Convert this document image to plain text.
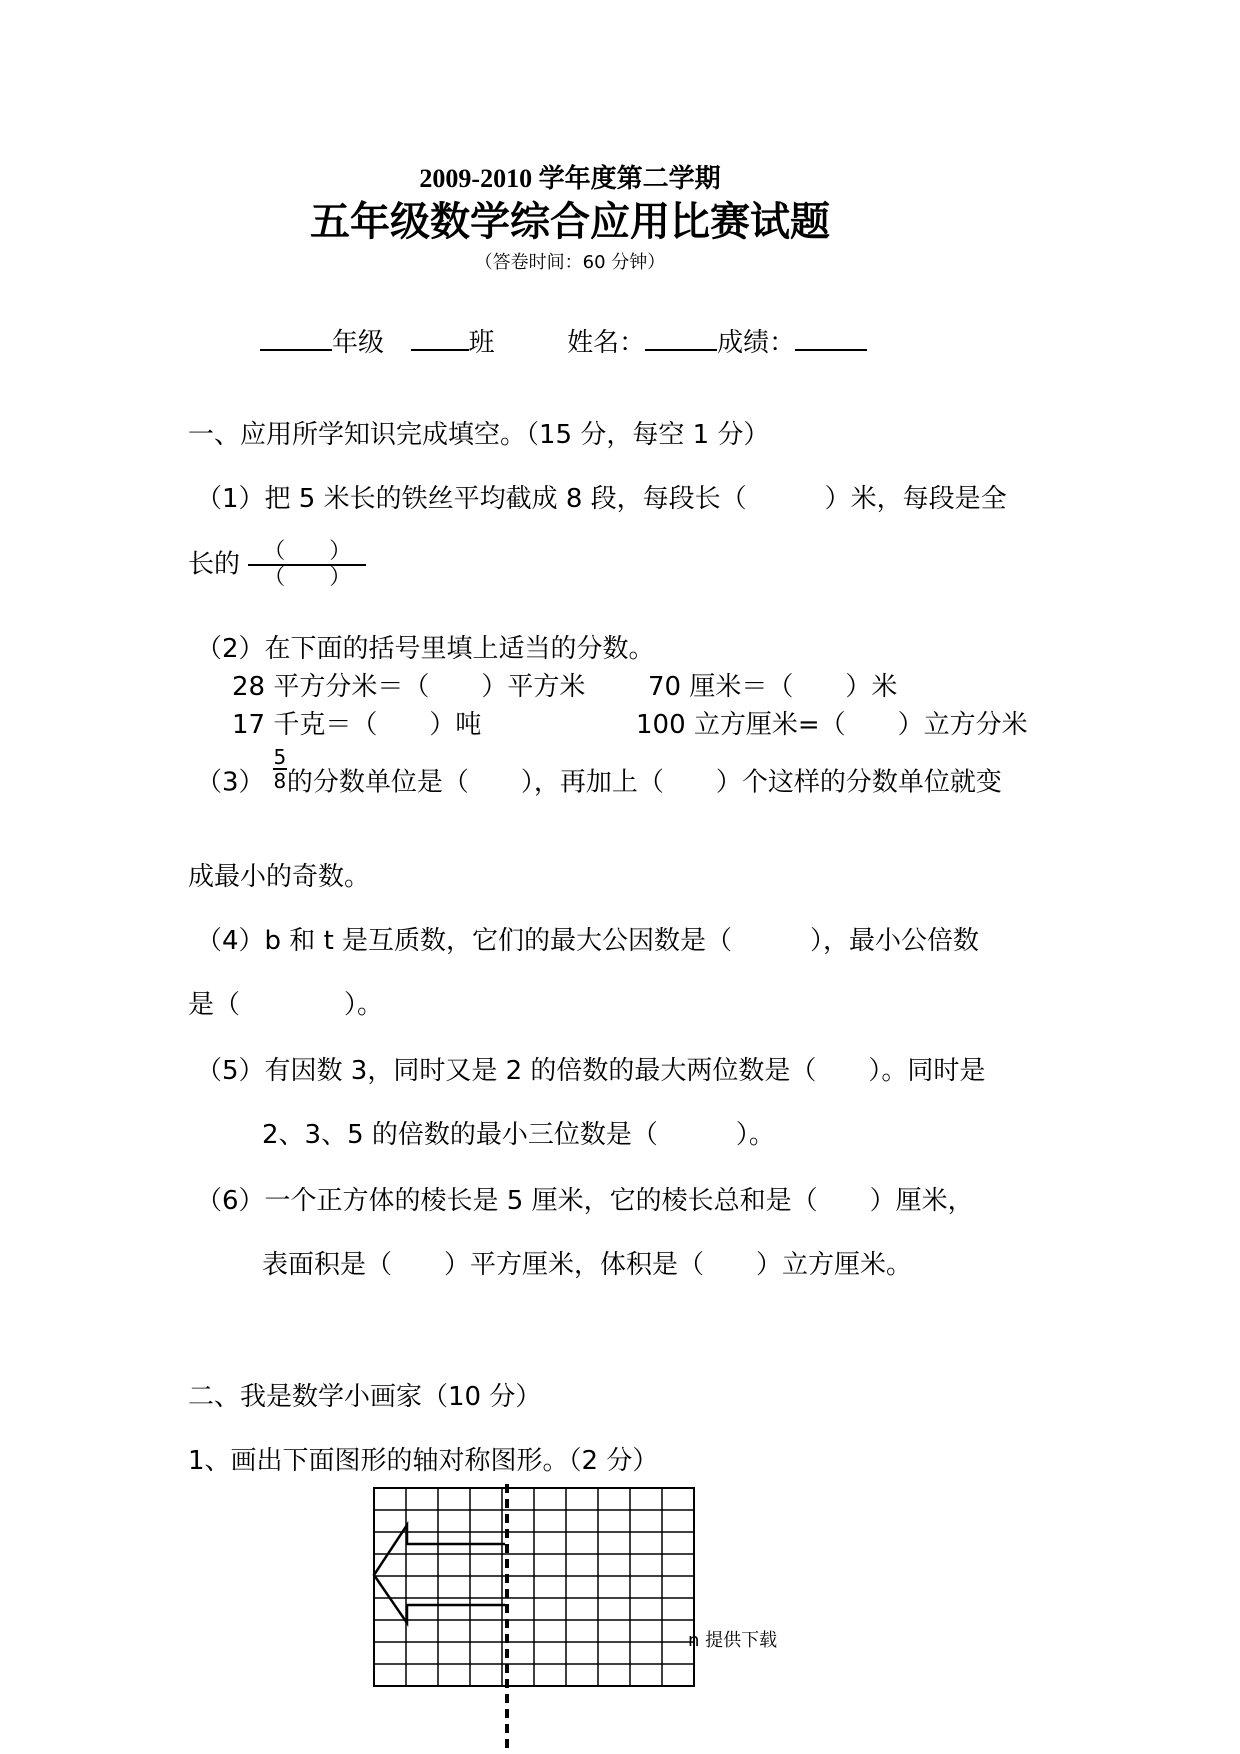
2009-2010 学年度第二学期
五年级数学综合应用比赛试题
（答卷时间：60 分钟）
年级	班	姓名：	成绩：
一、应用所学知识完成填空。（15 分，每空 1 分）
（1）把 5 米长的铁丝平均截成 8 段，每段长（　　　）米，每段是全
长的 $\frac{( )}{( )}$
（2）在下面的括号里填上适当的分数。
28 平方分米＝（　　）平方米 70 厘米＝（　　）米
17 千克＝（　　）吨	100 立方厘米=（　　）立方分米
$(3) \frac{5}{8}$ 的分数单位是（　　），再加上（　　）个这样的分数单位就变
成最小的奇数。
（4）b 和 t 是互质数，它们的最大公因数是（　　　），最小公倍数
是（　　　　）。
（5）有因数 3，同时又是 2 的倍数的最大两位数是（　　）。同时是
2、3、5 的倍数的最小三位数是（　　　）。
（6）一个正方体的棱长是 5 厘米，它的棱长总和是（　　）厘米，
表面积是（　　）平方厘米，体积是（　　）立方厘米。
二、我是数学小画家（10 分）
1、画出下面图形的轴对称图形。（2 分）
n 提供下载
